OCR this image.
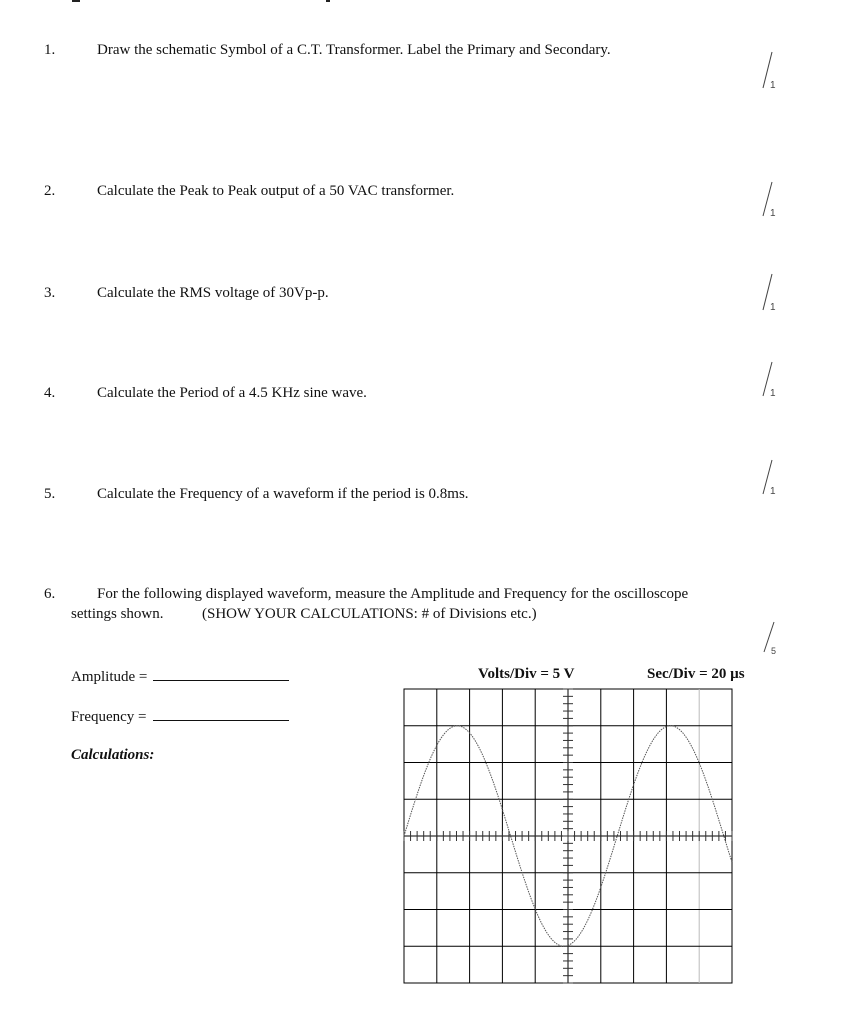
1.	Draw the schematic Symbol of a C.T. Transformer. Label the Primary and Secondary.
1
2.	Calculate the Peak to Peak output of a 50 VAC transformer.
1
3.	Calculate the RMS voltage of 30Vp-p.
1
4.	Calculate the Period of a 4.5 KHz sine wave.	1
5.	Calculate the Frequency of a waveform if the period is 0.8ms.	1
6.	For the following displayed waveform, measure the Amplitude and Frequency for the oscilloscope
settings shown.	(SHOW YOUR CALCULATIONS: # of Divisions etc.)
5
Amplitude =
Frequency =
Calculations:
Volts/Div = 5 V	Sec/Div = 20 µs
